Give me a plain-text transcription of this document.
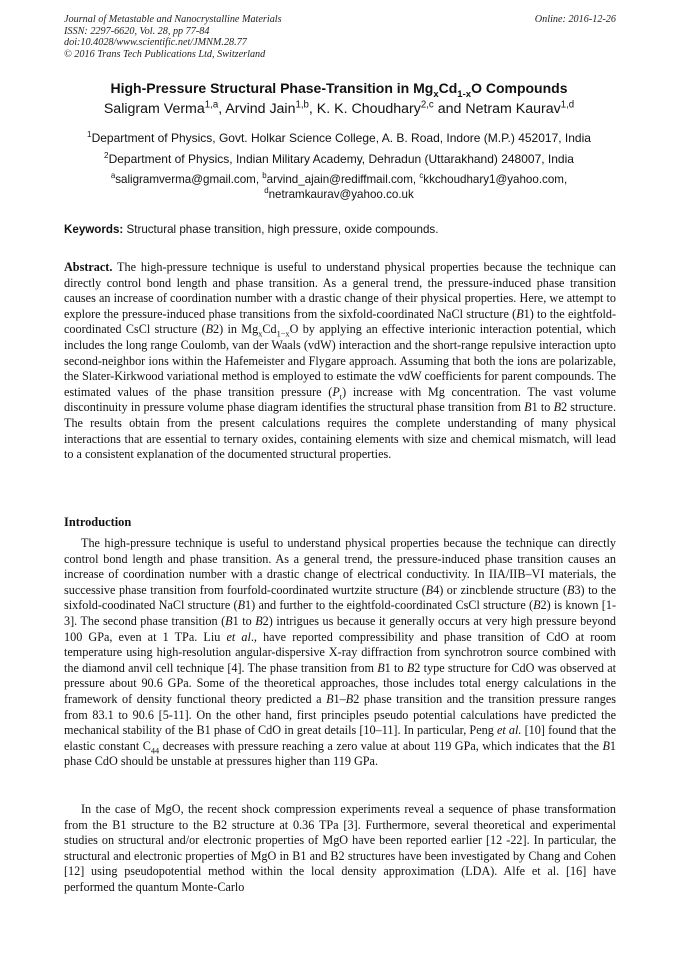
Journal of Metastable and Nanocrystalline Materials
ISSN: 2297-6620, Vol. 28, pp 77-84
doi:10.4028/www.scientific.net/JMNM.28.77
© 2016 Trans Tech Publications Ltd, Switzerland
Online: 2016-12-26
High-Pressure Structural Phase-Transition in $Mg_xCd_{1-x}O$ Compounds
Saligram Verma$^{1,a}$, Arvind Jain$^{1,b}$, K. K. Choudhary$^{2,c}$ and Netram Kaurav$^{1,d}$
$^1$Department of Physics, Govt. Holkar Science College, A. B. Road, Indore (M.P.) 452017, India
$^2$Department of Physics, Indian Military Academy, Dehradun (Uttarakhand) 248007, India
$^a$saligramverma@gmail.com, $^b$arvind_ajain@rediffmail.com, $^c$kkchoudhary1@yahoo.com,
$^d$netramkaurav@yahoo.co.uk
Keywords: Structural phase transition, high pressure, oxide compounds.
Abstract. The high-pressure technique is useful to understand physical properties because the technique can directly control bond length and phase transition. As a general trend, the pressure-induced phase transition causes an increase of coordination number with a drastic change of their physical properties. Here, we attempt to explore the pressure-induced phase transitions from the sixfold-coordinated NaCl structure (B1) to the eightfold-coordinated CsCl structure (B2) in $Mg_xCd_{1-x}O$ by applying an effective interionic interaction potential, which includes the long range Coulomb, van der Waals (vdW) interaction and the short-range repulsive interaction upto second-neighbor ions within the Hafemeister and Flygare approach. Assuming that both the ions are polarizable, the Slater-Kirkwood variational method is employed to estimate the vdW coefficients for parent compounds. The estimated values of the phase transition pressure $(P_t)$ increase with Mg concentration. The vast volume discontinuity in pressure volume phase diagram identifies the structural phase transition from B1 to B2 structure. The results obtain from the present calculations requires the complete understanding of many physical interactions that are essential to ternary oxides, containing elements with size and chemical mismatch, will lead to a consistent explanation of the documented structural properties.
Introduction
The high-pressure technique is useful to understand physical properties because the technique can directly control bond length and phase transition. As a general trend, the pressure-induced phase transition causes an increase of coordination number with a drastic change of electrical conductivity. In IIA/IIB–VI materials, the successive phase transition from fourfold-coordinated wurtzite structure (B4) or zincblende structure (B3) to the sixfold-coodinated NaCl structure (B1) and further to the eightfold-coordinated CsCl structure (B2) is known [1-3]. The second phase transition (B1 to B2) intrigues us because it generally occurs at very high pressure beyond 100 GPa, even at 1 TPa. Liu et al., have reported compressibility and phase transition of CdO at room temperature using high-resolution angular-dispersive X-ray diffraction from synchrotron source combined with the diamond anvil cell technique [4]. The phase transition from B1 to B2 type structure for CdO was observed at pressure about 90.6 GPa. Some of the theoretical approaches, those includes total energy calculations in the framework of density functional theory predicted a B1–B2 phase transition and the transition pressure ranges from 83.1 to 90.6 [5-11]. On the other hand, first principles pseudo potential calculations have predicted the mechanical stability of the B1 phase of CdO in great details [10–11]. In particular, Peng et al. [10] found that the elastic constant $C_{44}$ decreases with pressure reaching a zero value at about 119 GPa, which indicates that the B1 phase CdO should be unstable at pressures higher than 119 GPa.
In the case of MgO, the recent shock compression experiments reveal a sequence of phase transformation from the B1 structure to the B2 structure at 0.36 TPa [3]. Furthermore, several theoretical and experimental studies on structural and/or electronic properties of MgO have been reported earlier [12 -22]. In particular, the structural and electronic properties of MgO in B1 and B2 structures have been investigated by Chang and Cohen [12] using pseudopotential method within the local density approximation (LDA). Alfe et al. [16] have performed the quantum Monte-Carlo
